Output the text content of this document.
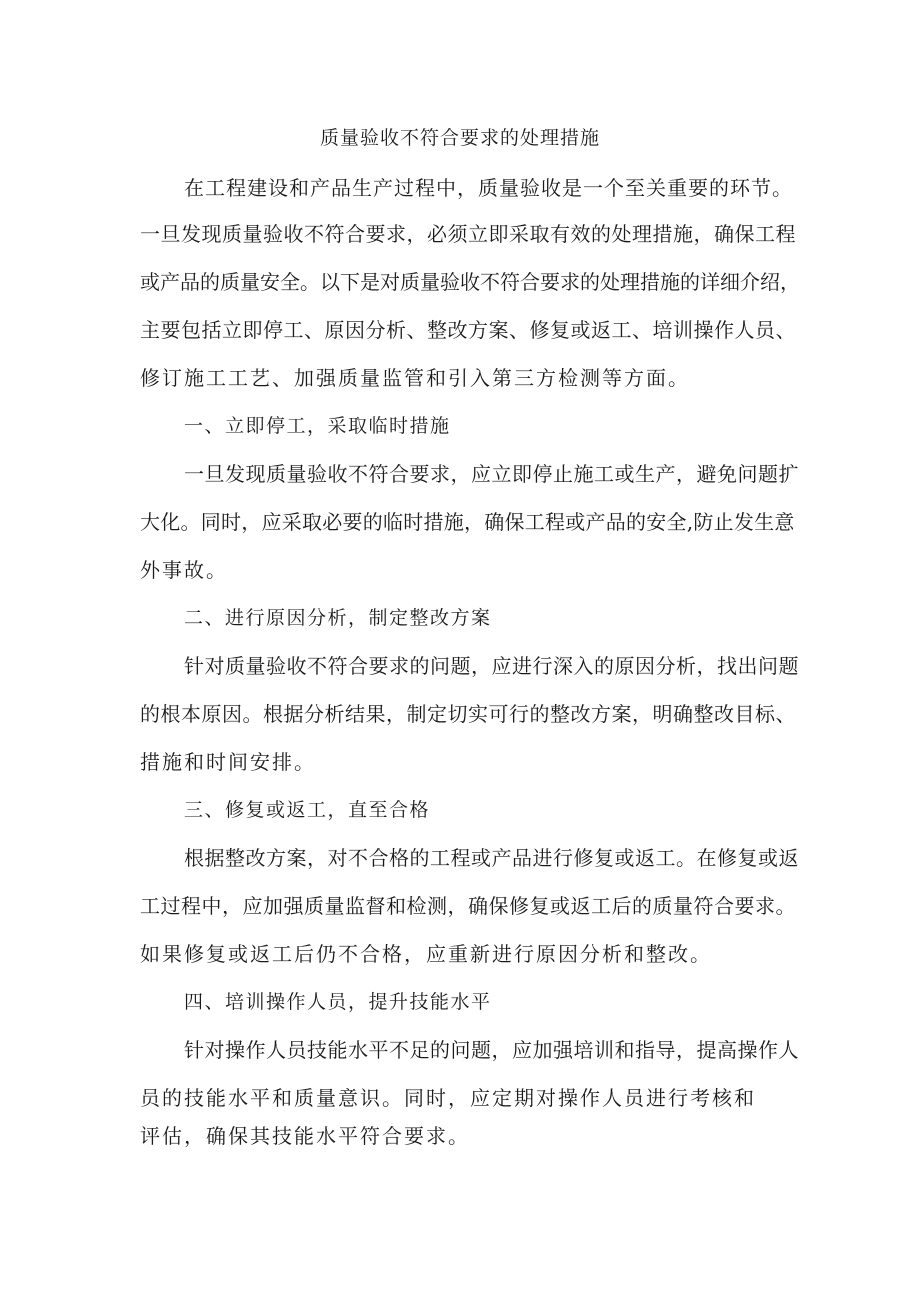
质量验收不符合要求的处理措施
在工程建设和产品生产过程中，质量验收是一个至关重要的环节。
一旦发现质量验收不符合要求，必须立即采取有效的处理措施，确保工程
或产品的质量安全。以下是对质量验收不符合要求的处理措施的详细介绍，
主要包括立即停工、原因分析、整改方案、修复或返工、培训操作人员、
修订施工工艺、加强质量监管和引入第三方检测等方面。
一、立即停工，采取临时措施
一旦发现质量验收不符合要求，应立即停止施工或生产，避免问题扩
大化。同时，应采取必要的临时措施，确保工程或产品的安全,防止发生意
外事故。
二、进行原因分析，制定整改方案
针对质量验收不符合要求的问题，应进行深入的原因分析，找出问题
的根本原因。根据分析结果，制定切实可行的整改方案，明确整改目标、
措施和时间安排。
三、修复或返工，直至合格
根据整改方案，对不合格的工程或产品进行修复或返工。在修复或返
工过程中，应加强质量监督和检测，确保修复或返工后的质量符合要求。
如果修复或返工后仍不合格，应重新进行原因分析和整改。
四、培训操作人员，提升技能水平
针对操作人员技能水平不足的问题，应加强培训和指导，提高操作人
员的技能水平和质量意识。同时，应定期对操作人员进行考核和
评估，确保其技能水平符合要求。
